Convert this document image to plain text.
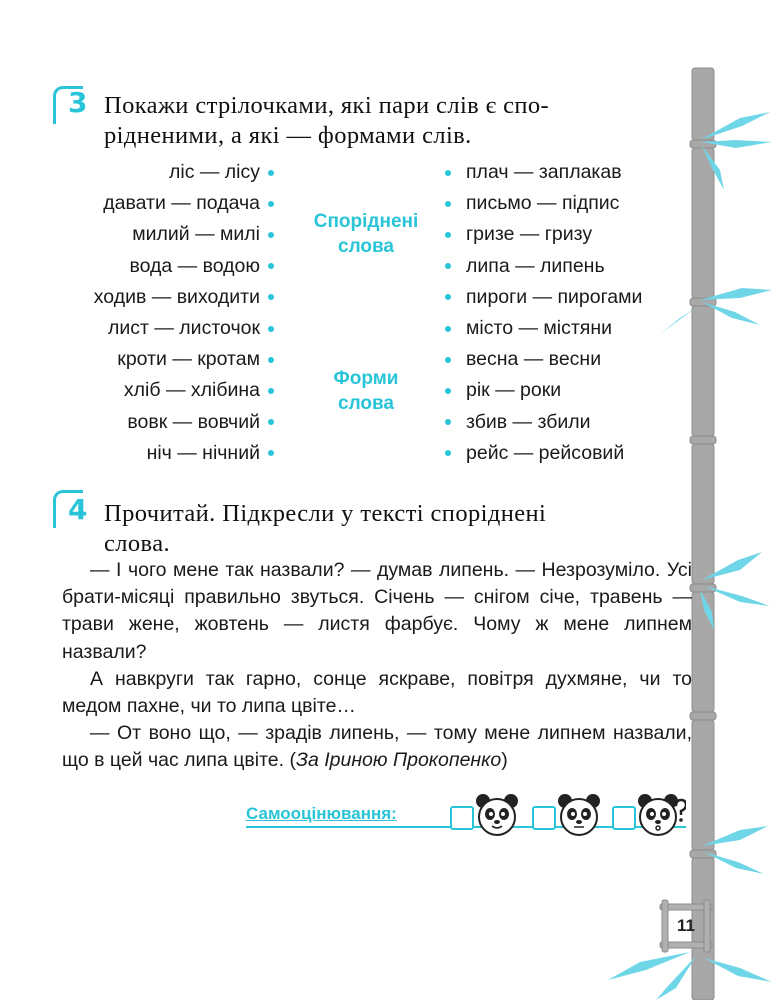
3 Покажи стрілочками, які пари слів є спо-
рідненими, а які — формами слів.
ліс — лісу
давати — подача
милий — милі
вода — водою
ходив — виходити
лист — листочок
кроти — кротам
хліб — хлібина
вовк — вовчий
ніч — нічний
Споріднені
слова
Форми
слова
плач — заплакав
письмо — підпис
гризе — гризу
липа — липень
пироги — пирогами
місто — містяни
весна — весни
рік — роки
збив — збили
рейс — рейсовий
4 Прочитай. Підкресли у тексті споріднені
слова.

— І чого мене так назвали? — думав липень. — Незрозуміло. Усі брати-місяці правильно звуться. Січень — снігом січе, травень — трави жене, жовтень — листя фарбує. Чому ж мене липнем назвали?

А навкруги так гарно, сонце яскраве, повітря духмяне, чи то медом пахне, чи то липа цвіте…

— От воно що, — зрадів липень, — тому мене липнем назвали, що в цей час липа цвіте. (За Іриною Прокопенко)

Самооцінювання:
11
